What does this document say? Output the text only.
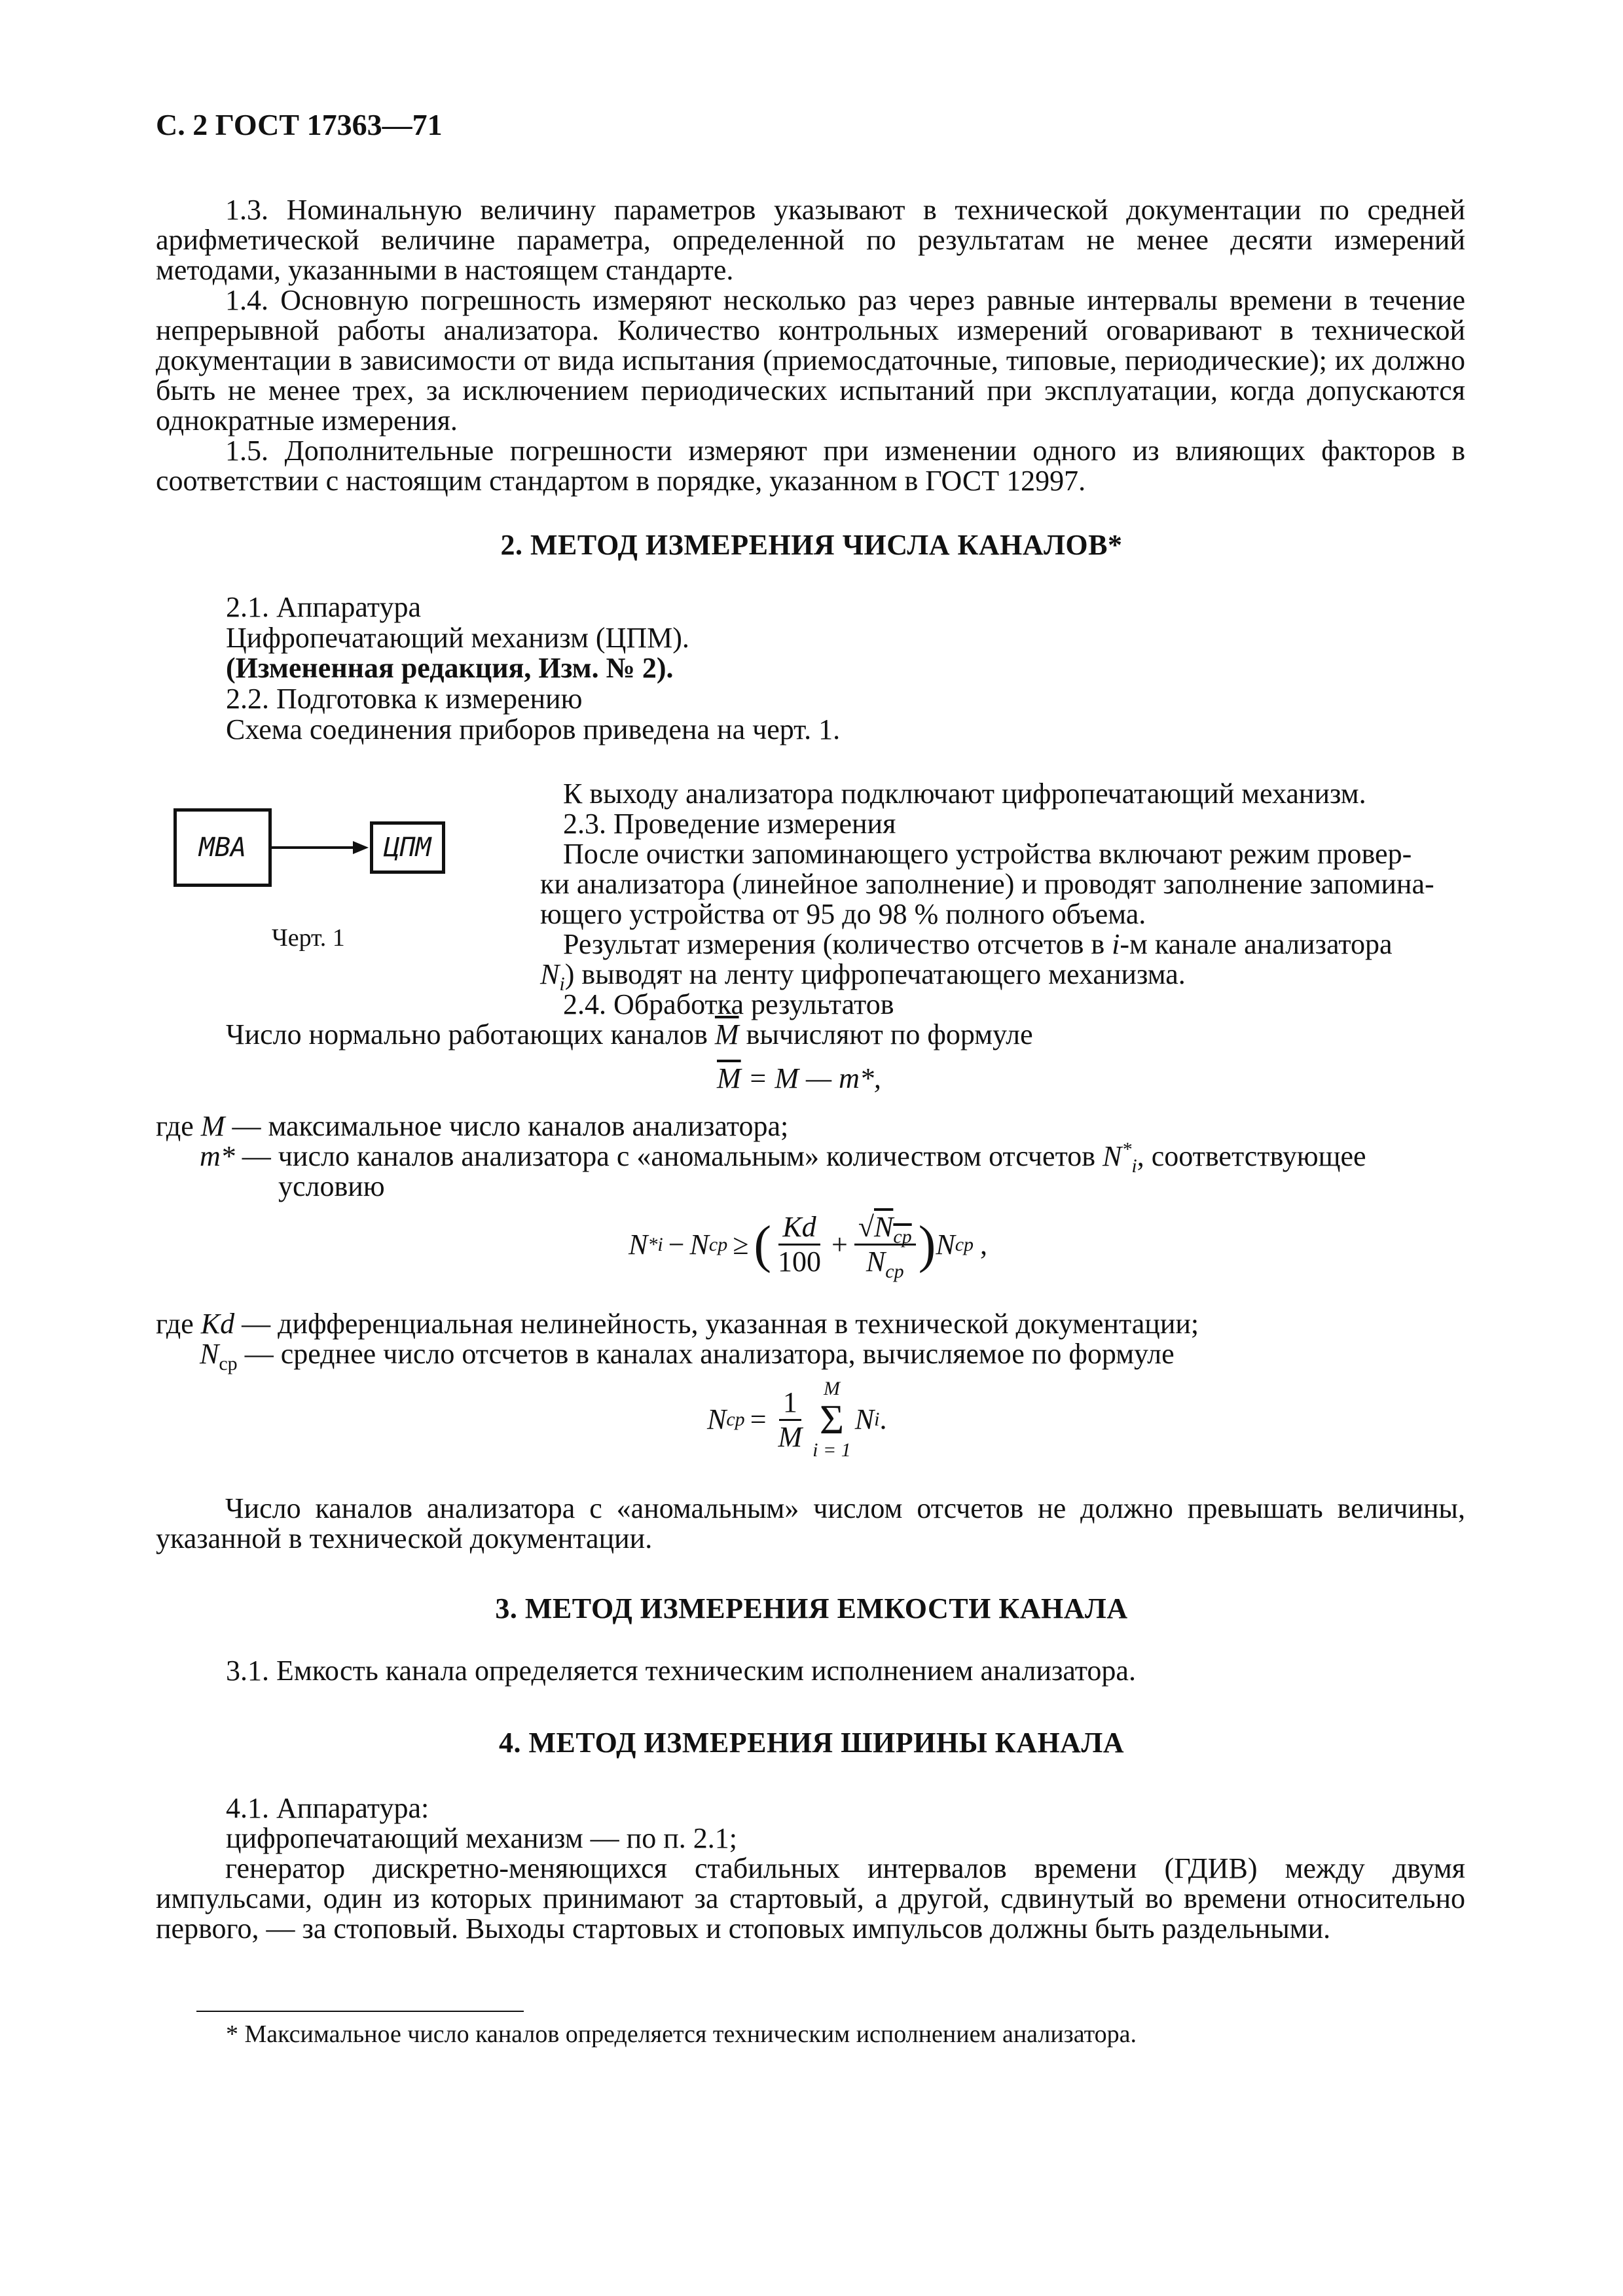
С. 2 ГОСТ 17363—71

1.3. Номинальную величину параметров указывают в технической документации по средней арифметической величине параметра, определенной по результатам не менее десяти измерений методами, указанными в настоящем стандарте.

1.4. Основную погрешность измеряют несколько раз через равные интервалы времени в течение непрерывной работы анализатора. Количество контрольных измерений оговаривают в технической документации в зависимости от вида испытания (приемосдаточные, типовые, периодические); их должно быть не менее трех, за исключением периодических испытаний при эксплуатации, когда допускаются однократные измерения.

1.5. Дополнительные погрешности измеряют при изменении одного из влияющих факторов в соответствии с настоящим стандартом в порядке, указанном в ГОСТ 12997.

2. МЕТОД ИЗМЕРЕНИЯ ЧИСЛА КАНАЛОВ*
2.1. Аппаратура
Цифропечатающий механизм (ЦПМ).
(Измененная редакция, Изм. № 2).
2.2. Подготовка к измерению
Схема соединения приборов приведена на черт. 1.
МВА	ЦПМ
Черт. 1
К выходу анализатора подключают цифропечатающий механизм.
2.3. Проведение измерения
После очистки запоминающего устройства включают режим провер-
ки анализатора (линейное заполнение) и проводят заполнение запомина-
ющего устройства от 95 до 98 % полного объема.
Результат измерения (количество отсчетов в i-м канале анализатора
$N_i$) выводят на ленту цифропечатающего механизма.
2.4. Обработка результатов
Число нормально работающих каналов $\overline{M}$ вычисляют по формуле
$\overline{M} = M$ — m*,
где M — максимальное число каналов анализатора;
m* — число каналов анализатора с «аномальным» количеством отсчетов $N^*_i$, соответствующее
условию
N * i − N ср ≥ ( $\frac{Kd}{100} + \frac{√N_{ср}}{N_{ср}}$ ) N ср ,
где Kd — дифференциальная нелинейность, указанная в технической документации;
$N_{ср}$ — среднее число отсчетов в каналах анализатора, вычисляемое по формуле
N ср = $\frac{1}{M}$ M
Σ
i = 1
N i .

Число каналов анализатора с «аномальным» числом отсчетов не должно превышать величины, указанной в технической документации.

3. МЕТОД ИЗМЕРЕНИЯ ЕМКОСТИ КАНАЛА
3.1. Емкость канала определяется техническим исполнением анализатора.
4. МЕТОД ИЗМЕРЕНИЯ ШИРИНЫ КАНАЛА
4.1. Аппаратура:
цифропечатающий механизм — по п. 2.1;

генератор дискретно-меняющихся стабильных интервалов времени (ГДИВ) между двумя импульсами, один из которых принимают за стартовый, а другой, сдвинутый во времени относительно первого, — за стоповый. Выходы стартовых и стоповых импульсов должны быть раздельными.

* Максимальное число каналов определяется техническим исполнением анализатора.
